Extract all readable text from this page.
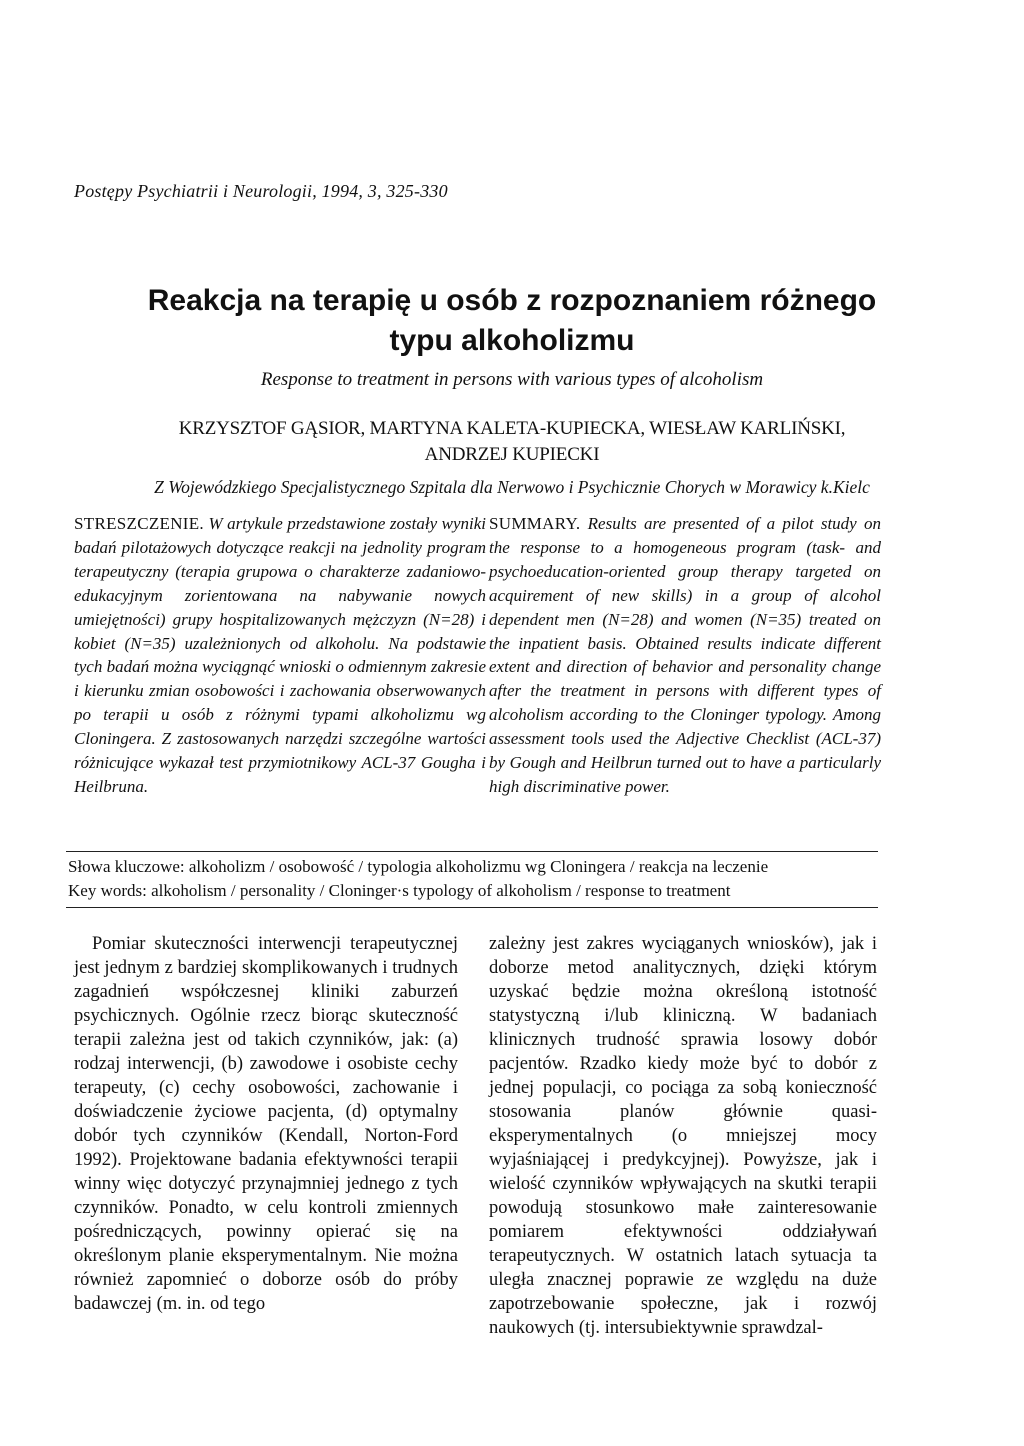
Postępy Psychiatrii i Neurologii, 1994, 3, 325-330
Reakcja na terapię u osób z rozpoznaniem różnego
typu alkoholizmu
Response to treatment in persons with various types of alcoholism
KRZYSZTOF GĄSIOR, MARTYNA KALETA-KUPIECKA, WIESŁAW KARLIŃSKI,
ANDRZEJ KUPIECKI
Z Wojewódzkiego Specjalistycznego Szpitala dla Nerwowo i Psychicznie Chorych w Morawicy k.Kielc
STRESZCZENIE. W artykule przedstawione zostały wyniki badań pilotażowych dotyczące reakcji na jednolity program terapeutyczny (terapia grupowa o charakterze zadaniowo-edukacyjnym zorientowana na nabywanie nowych umiejętności) grupy hospitalizowanych mężczyzn (N=28) i kobiet (N=35) uzależnionych od alkoholu. Na podstawie tych badań można wyciągnąć wnioski o odmiennym zakresie i kierunku zmian osobowości i zachowania obserwowanych po terapii u osób z różnymi typami alkoholizmu wg Cloningera. Z zastosowanych narzędzi szczególne wartości różnicujące wykazał test przymiotnikowy ACL-37 Gougha i Heilbruna.
SUMMARY. Results are presented of a pilot study on the response to a homogeneous program (task- and psychoeducation-oriented group therapy targeted on acquirement of new skills) in a group of alcohol dependent men (N=28) and women (N=35) treated on the inpatient basis. Obtained results indicate different extent and direction of behavior and personality change after the treatment in persons with different types of alcoholism according to the Cloninger typology. Among assessment tools used the Adjective Checklist (ACL-37) by Gough and Heilbrun turned out to have a particularly high discriminative power.
Słowa kluczowe: alkoholizm / osobowość / typologia alkoholizmu wg Cloningera / reakcja na leczenie
Key words: alkoholism / personality / Cloninger·s typology of alkoholism / response to treatment
Pomiar skuteczności interwencji terapeutycznej jest jednym z bardziej skomplikowanych i trudnych zagadnień współczesnej kliniki zaburzeń psychicznych. Ogólnie rzecz biorąc skuteczność terapii zależna jest od takich czynników, jak: (a) rodzaj interwencji, (b) zawodowe i osobiste cechy terapeuty, (c) cechy osobowości, zachowanie i doświadczenie życiowe pacjenta, (d) optymalny dobór tych czynników (Kendall, Norton-Ford 1992). Projektowane badania efektywności terapii winny więc dotyczyć przynajmniej jednego z tych czynników. Ponadto, w celu kontroli zmiennych pośredniczących, powinny opierać się na określonym planie eksperymentalnym. Nie można również zapomnieć o doborze osób do próby badawczej (m. in. od tego
zależny jest zakres wyciąganych wniosków), jak i doborze metod analitycznych, dzięki którym uzyskać będzie można określoną istotność statystyczną i/lub kliniczną. W badaniach klinicznych trudność sprawia losowy dobór pacjentów. Rzadko kiedy może być to dobór z jednej populacji, co pociąga za sobą konieczność stosowania planów głównie quasi-eksperymentalnych (o mniejszej mocy wyjaśniającej i predykcyjnej). Powyższe, jak i wielość czynników wpływających na skutki terapii powodują stosunkowo małe zainteresowanie pomiarem efektywności oddziaływań terapeutycznych. W ostatnich latach sytuacja ta uległa znacznej poprawie ze względu na duże zapotrzebowanie społeczne, jak i rozwój naukowych (tj. intersubiektywnie sprawdzal-
